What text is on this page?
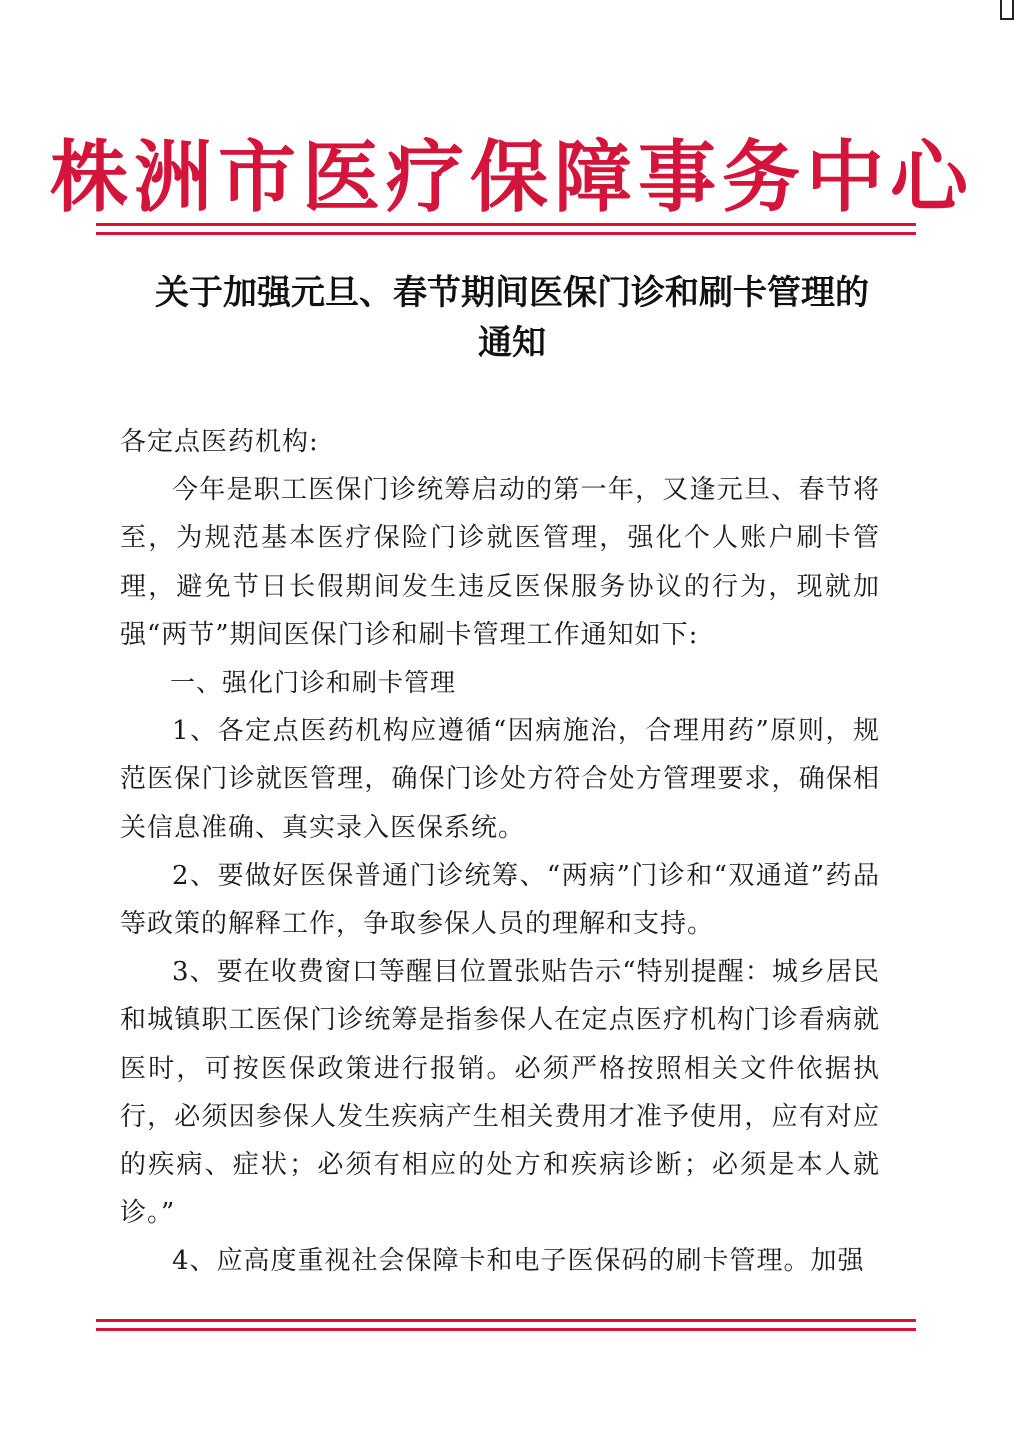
株洲市医疗保障事务中心
关于加强元旦、春节期间医保门诊和刷卡管理的
通知

各定点医药机构:

今年是职工医保门诊统筹启动的第一年，又逢元旦、春节将至，为规范基本医疗保险门诊就医管理，强化个人账户刷卡管理，避免节日长假期间发生违反医保服务协议的行为，现就加强“两节”期间医保门诊和刷卡管理工作通知如下:

一、强化门诊和刷卡管理

1、各定点医药机构应遵循“因病施治，合理用药”原则，规范医保门诊就医管理，确保门诊处方符合处方管理要求，确保相关信息准确、真实录入医保系统。

2、要做好医保普通门诊统筹、“两病”门诊和“双通道”药品等政策的解释工作，争取参保人员的理解和支持。

3、要在收费窗口等醒目位置张贴告示“特别提醒：城乡居民和城镇职工医保门诊统筹是指参保人在定点医疗机构门诊看病就医时，可按医保政策进行报销。必须严格按照相关文件依据执行，必须因参保人发生疾病产生相关费用才准予使用，应有对应的疾病、症状；必须有相应的处方和疾病诊断；必须是本人就诊。”

4、应高度重视社会保障卡和电子医保码的刷卡管理。加强
